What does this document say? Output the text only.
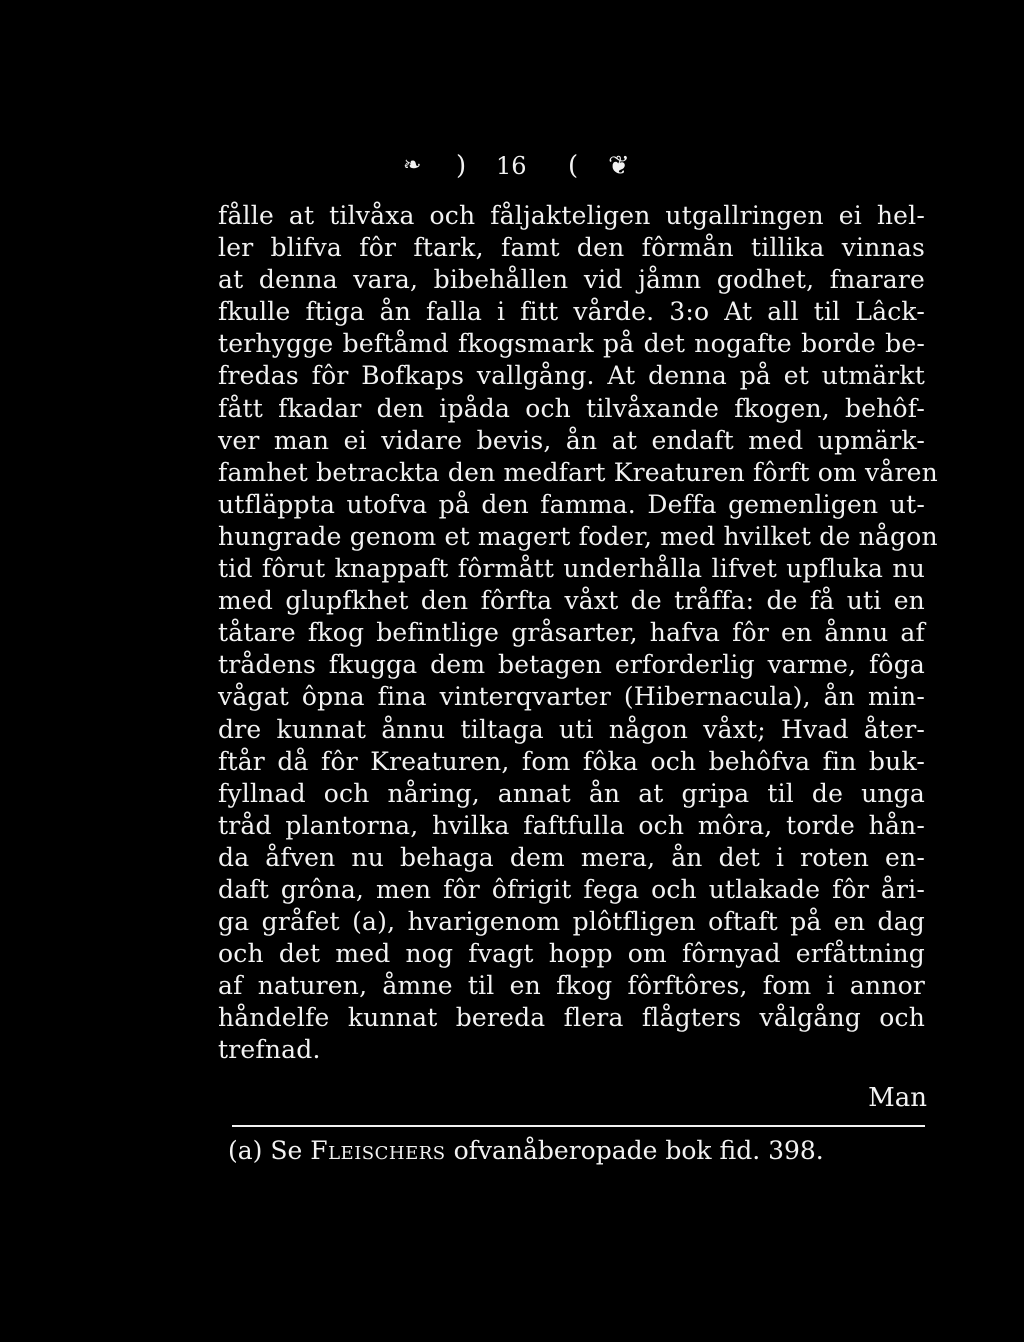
❧ ) 16 ( ❦
fålle at tilvåxa och fåljakteligen utgallringen ei hel-
ler blifva fôr ftark, famt den fôrmån tillika vinnas
at denna vara, bibehållen vid jåmn godhet, fnarare
fkulle ftiga ån falla i fitt vårde. 3:o At all til Lâck-
terhygge beftåmd fkogsmark på det nogafte borde be-
fredas fôr Bofkaps vallgång. At denna på et utmärkt
fått fkadar den ipåda och tilvåxande fkogen, behôf-
ver man ei vidare bevis, ån at endaft med upmärk-
famhet betrackta den medfart Kreaturen fôrft om våren
utfläppta utofva på den famma. Deffa gemenligen ut-
hungrade genom et magert foder, med hvilket de någon
tid fôrut knappaft fôrmått underhålla lifvet upfluka nu
med glupfkhet den fôrfta våxt de tråffa: de få uti en
tåtare fkog befintlige gråsarter, hafva fôr en ånnu af
trådens fkugga dem betagen erforderlig varme, fôga
vågat ôpna fina vinterqvarter (Hibernacula), ån min-
dre kunnat ånnu tiltaga uti någon våxt; Hvad åter-
ftår då fôr Kreaturen, fom fôka och behôfva fin buk-
fyllnad och nåring, annat ån at gripa til de unga
tråd plantorna, hvilka faftfulla och môra, torde hån-
da åfven nu behaga dem mera, ån det i roten en-
daft grôna, men fôr ôfrigit fega och utlakade fôr åri-
ga gråfet (a), hvarigenom plôtfligen oftaft på en dag
och det med nog fvagt hopp om fôrnyad erfåttning
af naturen, åmne til en fkog fôrftôres, fom i annor
håndelfe kunnat bereda flera flågters vålgång och
trefnad.
Man
(a) Se Fleischers ofvanåberopade bok fid. 398.
